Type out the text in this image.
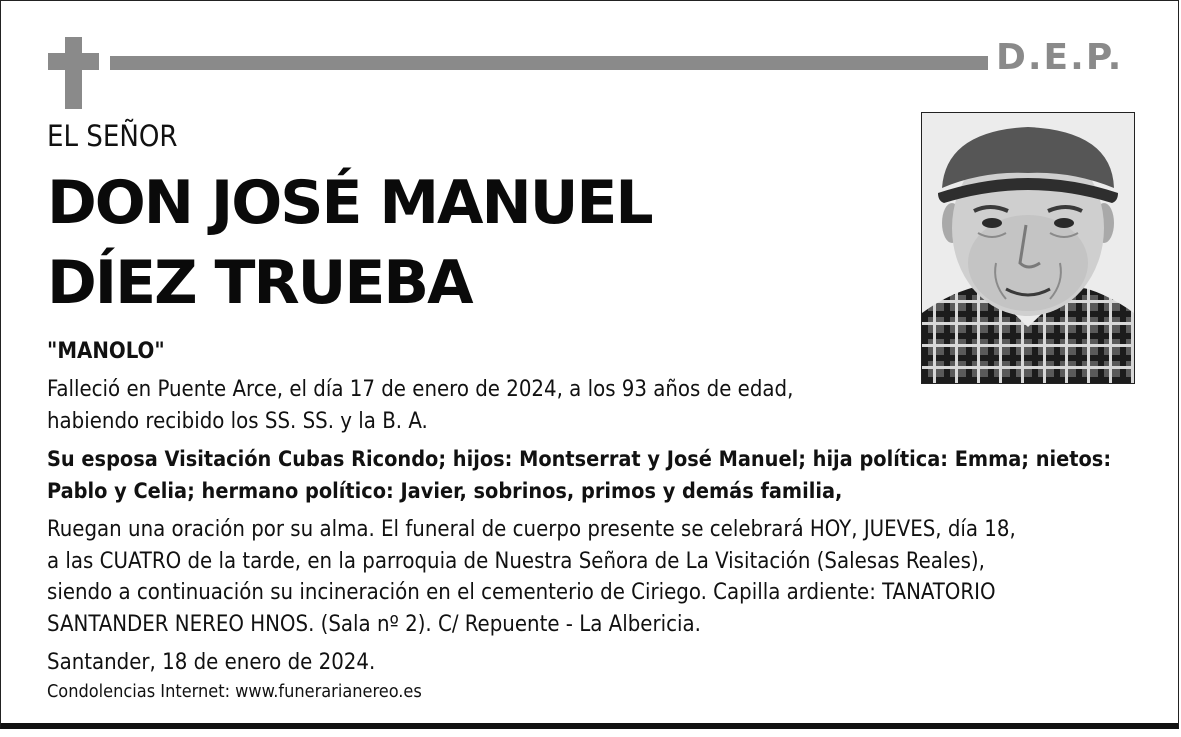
D.E.P.
EL SEÑOR
DON JOSÉ MANUEL
DÍEZ TRUEBA
"MANOLO"
Falleció en Puente Arce, el día 17 de enero de 2024, a los 93 años de edad,
habiendo recibido los SS. SS. y la B. A.
Su esposa Visitación Cubas Ricondo; hijos: Montserrat y José Manuel; hija política: Emma; nietos:
Pablo y Celia; hermano político: Javier, sobrinos, primos y demás familia,
Ruegan una oración por su alma. El funeral de cuerpo presente se celebrará HOY, JUEVES, día 18,
a las CUATRO de la tarde, en la parroquia de Nuestra Señora de La Visitación (Salesas Reales),
siendo a continuación su incineración en el cementerio de Ciriego. Capilla ardiente: TANATORIO
SANTANDER NEREO HNOS. (Sala nº 2). C/ Repuente - La Albericia.
Santander, 18 de enero de 2024.
Condolencias Internet: www.funerarianereo.es
